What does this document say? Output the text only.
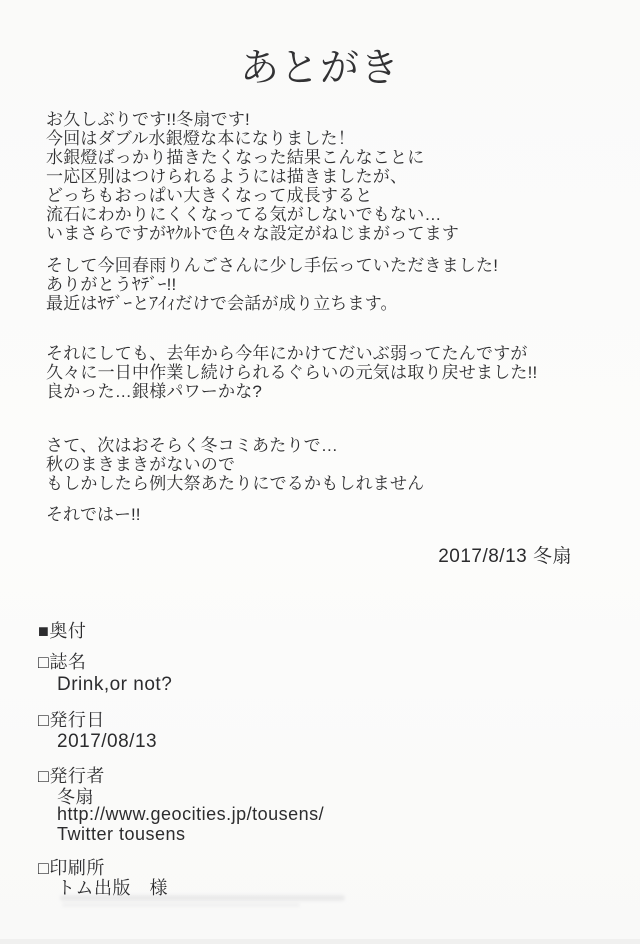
あとがき
お久しぶりです!!冬扇です!
今回はダブル水銀燈な本になりました！
水銀燈ばっかり描きたくなった結果こんなことに
一応区別はつけられるようには描きましたが、
どっちもおっぱい大きくなって成長すると
流石にわかりにくくなってる気がしないでもない…
いまさらですがﾔｸﾙﾄで色々な設定がねじまがってます
そして今回春雨りんごさんに少し手伝っていただきました!
ありがとうﾔﾃﾞｰ!!
最近はﾔﾃﾞｰとｱｲｨだけで会話が成り立ちます。
それにしても、去年から今年にかけてだいぶ弱ってたんですが
久々に一日中作業し続けられるぐらいの元気は取り戻せました!!
良かった…銀様パワーかな?
さて、次はおそらく冬コミあたりで…
秋のまきまきがないので
もしかしたら例大祭あたりにでるかもしれません
それではー!!
2017/8/13 冬扇
■奥付
□誌名
Drink,or not?
□発行日
2017/08/13
□発行者
冬扇
http://www.geocities.jp/tousens/
Twitter tousens
□印刷所
トム出版　様
